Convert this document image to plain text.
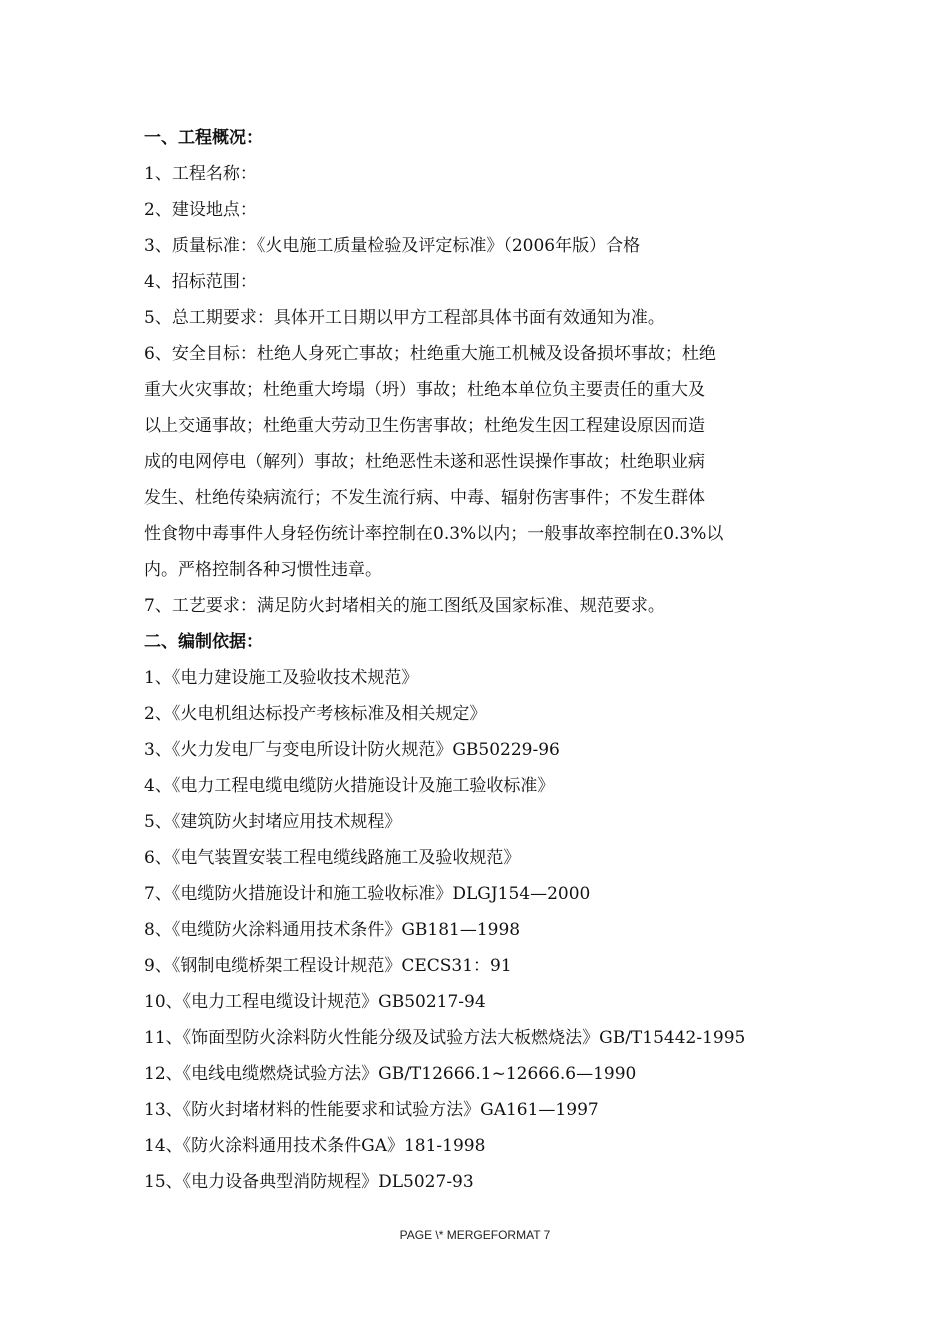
一、工程概况：
1、工程名称：
2、建设地点：
3、质量标准：《火电施工质量检验及评定标准》（2006年版）合格
4、招标范围：
5、总工期要求：具体开工日期以甲方工程部具体书面有效通知为准。
6、安全目标：杜绝人身死亡事故；杜绝重大施工机械及设备损坏事故；杜绝
重大火灾事故；杜绝重大垮塌（坍）事故；杜绝本单位负主要责任的重大及
以上交通事故；杜绝重大劳动卫生伤害事故；杜绝发生因工程建设原因而造
成的电网停电（解列）事故；杜绝恶性未遂和恶性误操作事故；杜绝职业病
发生、杜绝传染病流行；不发生流行病、中毒、辐射伤害事件；不发生群体
性食物中毒事件人身轻伤统计率控制在0.3%以内；一般事故率控制在0.3%以
内。严格控制各种习惯性违章。
7、工艺要求：满足防火封堵相关的施工图纸及国家标准、规范要求。
二、编制依据：
1、《电力建设施工及验收技术规范》
2、《火电机组达标投产考核标准及相关规定》
3、《火力发电厂与变电所设计防火规范》GB50229-96
4、《电力工程电缆电缆防火措施设计及施工验收标准》
5、《建筑防火封堵应用技术规程》
6、《电气装置安装工程电缆线路施工及验收规范》
7、《电缆防火措施设计和施工验收标准》DLGJ154—2000
8、《电缆防火涂料通用技术条件》GB181—1998
9、《钢制电缆桥架工程设计规范》CECS31：91
10、《电力工程电缆设计规范》GB50217-94
11、《饰面型防火涂料防火性能分级及试验方法大板燃烧法》GB/T15442-1995
12、《电线电缆燃烧试验方法》GB/T12666.1~12666.6—1990
13、《防火封堵材料的性能要求和试验方法》GA161—1997
14、《防火涂料通用技术条件GA》181-1998
15、《电力设备典型消防规程》DL5027-93
PAGE \* MERGEFORMAT 7
